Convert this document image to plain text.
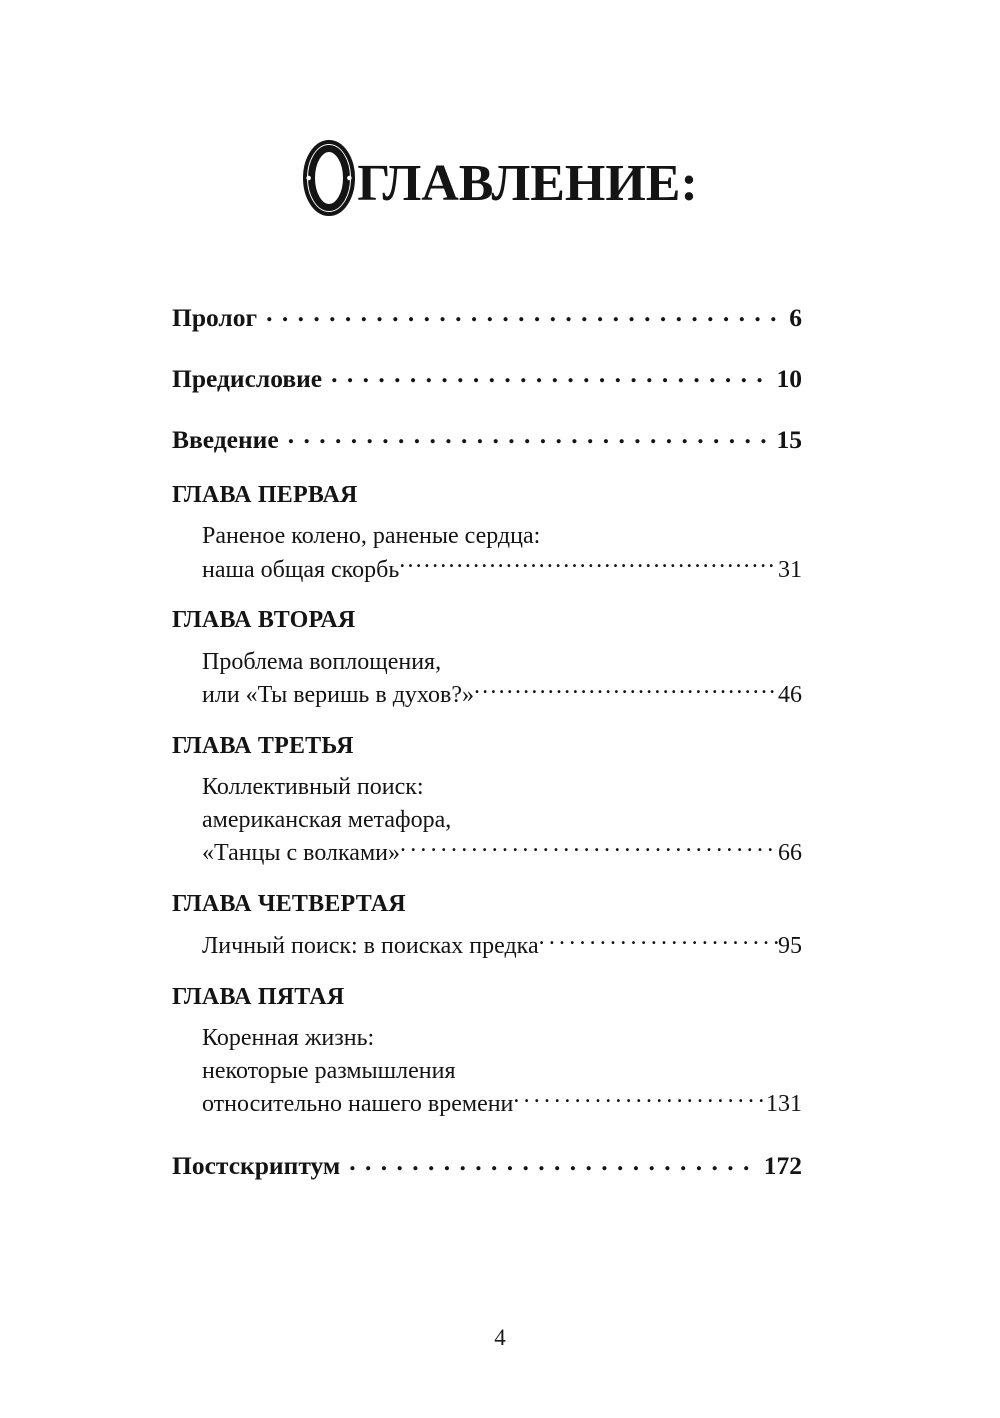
ГЛАВЛЕНИЕ:
Пролог . . .	6
Предисловие . . .	10
Введение . . .	15
ГЛАВА ПЕРВАЯ
Раненое колено, раненые сердца:
наша общая скорбь .....	31
ГЛАВА ВТОРАЯ
Проблема воплощения,
или «Ты веришь в духов?» .....	46
ГЛАВА ТРЕТЬЯ
Коллективный поиск:
американская метафора,
«Танцы с волками» .....	66
ГЛАВА ЧЕТВЕРТАЯ
Личный поиск: в поисках предка .....	95
ГЛАВА ПЯТАЯ
Коренная жизнь:
некоторые размышления
относительно нашего времени .....	131
Постскриптум . . .	172
4
